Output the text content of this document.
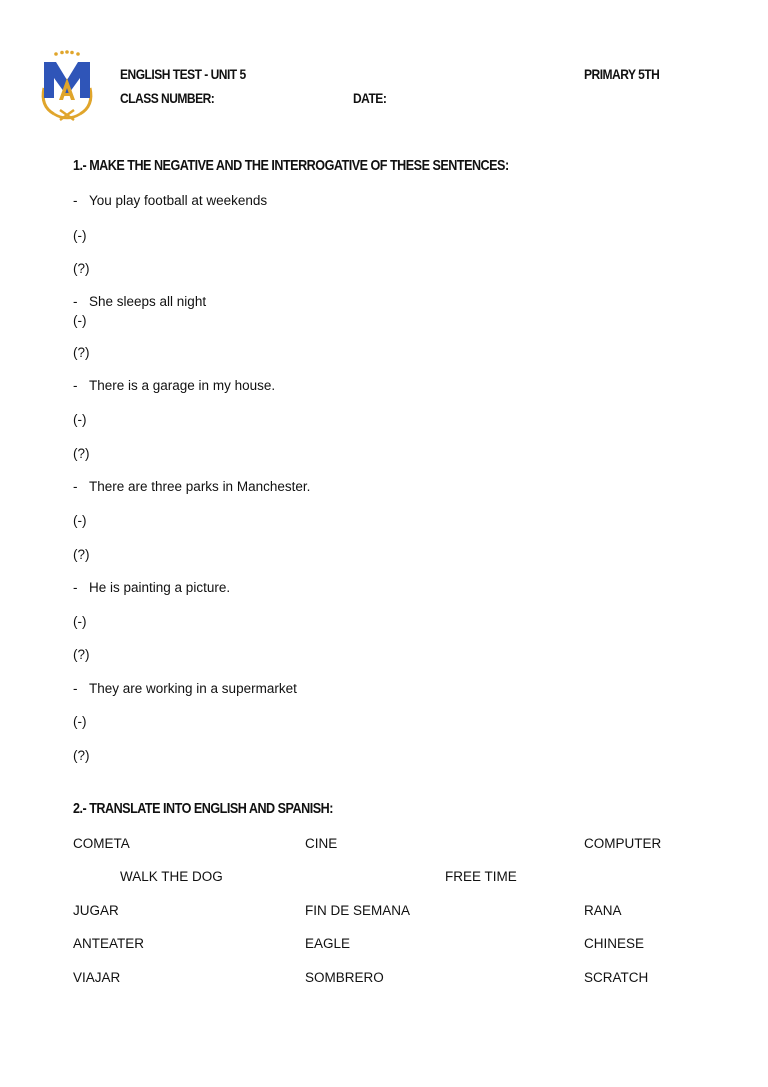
ENGLISH TEST - UNIT 5	PRIMARY 5TH
CLASS NUMBER:	DATE:
1.- MAKE THE NEGATIVE AND THE INTERROGATIVE OF THESE SENTENCES:
- You play football at weekends
(-)
(?)
- She sleeps all night
(-)
(?)
- There is a garage in my house.
(-)
(?)
- There are three parks in Manchester.
(-)
(?)
- He is painting a picture.
(-)
(?)
- They are working in a supermarket
(-)
(?)
2.- TRANSLATE INTO ENGLISH AND SPANISH:
COMETA	CINE	COMPUTER
WALK THE DOG	FREE TIME
JUGAR	FIN DE SEMANA	RANA
ANTEATER	EAGLE	CHINESE
VIAJAR	SOMBRERO	SCRATCH
